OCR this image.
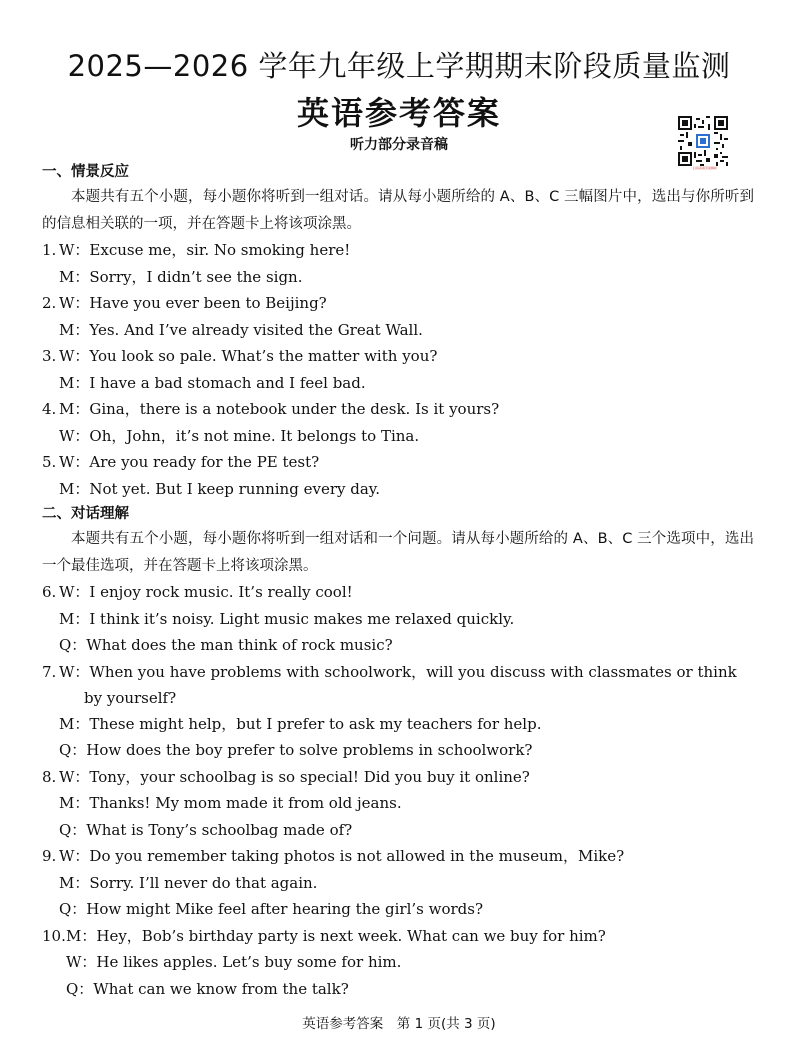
2025—2026 学年九年级上学期期末阶段质量监测
英语参考答案
听力部分录音稿
扫码查看答案解析
一、情景反应
本题共有五个小题，每小题你将听到一组对话。请从每小题所给的 A、B、C 三幅图片中，选出与你所听到的信息相关联的一项，并在答题卡上将该项涂黑。
1. W：Excuse me，sir. No smoking here!
M：Sorry，I didn’t see the sign.
2. W：Have you ever been to Beijing?
M：Yes. And I’ve already visited the Great Wall.
3. W：You look so pale. What’s the matter with you?
M：I have a bad stomach and I feel bad.
4. M：Gina，there is a notebook under the desk. Is it yours?
W：Oh，John，it’s not mine. It belongs to Tina.
5. W：Are you ready for the PE test?
M：Not yet. But I keep running every day.
二、对话理解
本题共有五个小题，每小题你将听到一组对话和一个问题。请从每小题所给的 A、B、C 三个选项中，选出一个最佳选项，并在答题卡上将该项涂黑。
6. W：I enjoy rock music. It’s really cool!
M：I think it’s noisy. Light music makes me relaxed quickly.
Q：What does the man think of rock music?
7. W：When you have problems with schoolwork，will you discuss with classmates or think by yourself?
M：These might help，but I prefer to ask my teachers for help.
Q：How does the boy prefer to solve problems in schoolwork?
8. W：Tony，your schoolbag is so special! Did you buy it online?
M：Thanks! My mom made it from old jeans.
Q：What is Tony’s schoolbag made of?
9. W：Do you remember taking photos is not allowed in the museum，Mike?
M：Sorry. I’ll never do that again.
Q：How might Mike feel after hearing the girl’s words?
10.M：Hey，Bob’s birthday party is next week. What can we buy for him?
W：He likes apples. Let’s buy some for him.
Q：What can we know from the talk?
英语参考答案　第 1 页(共 3 页)
